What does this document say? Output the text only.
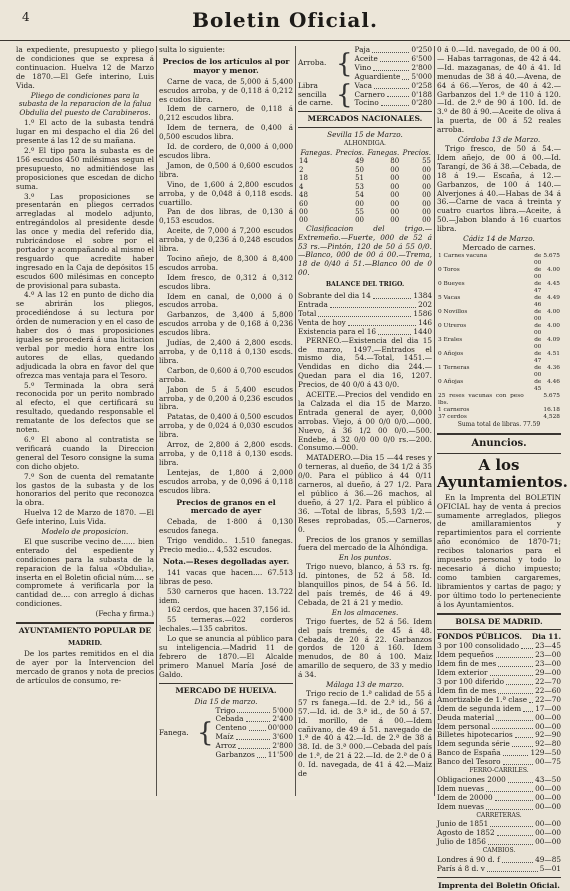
4	Boletin Oficial.

la expediente, presupuesto y pliego de condiciones que se expresa á continuacion. Huelva 12 de Marzo de 1870.—El Gefe interino, Luis Vida.

Pliego de condiciones para la subasta de la reparacion de la falua Obdulia del puesto de Carabineros.

1.º El acto de la subasta tendrá lugar en mi despacho el dia 26 del presente á las 12 de su mañana.

2.º El tipo para la subasta es de 156 escudos 450 milésimas segun el presupuesto, no admitiéndose las proposiciones que escedan de dicho suma.

3.º Las proposiciones se presentarán en pliegos cerrados arregladas al modelo adjunto, entregándolos al presidente desde las once y media del referido dia, rubricándose el sobre por el portador y acompañando al mismo el resguardo que acredite haber ingresado en la Caja de depósitos 15 escudos 600 milésimas en concepto de provisional para subasta.

4.º A las 12 en punto de dicho dia se abrirán los pliegos, procediéndose á su lectura por órden de numeracion y en el caso de haber dos ó mas proposiciones iguales se procederá á una licitacion verbal por medio hora entre los autores de ellas, quedando adjudicada la obra en favor del que ofrezca mas ventaja para el Tesoro.

5.º Terminada la obra será reconocida por un perito nombrado al efecto, el que certificará su resultado, quedando responsable el rematante de los defectos que se noten.

6.º El abono al contratista se verificará cuando la Direccion general del Tesoro consigne la suma con dicho objeto.

7.º Son de cuenta del rematante los gastos de la subasta y de los honorarios del perito que reconozca la obra.

Huelva 12 de Marzo de 1870. —El Gefe interino, Luis Vida.

Modelo de proposicion.

El que suscribe vecino de...... bien enterado del espediente y condiciones para la subasta de la reparacion de la falua «Obdulia», inserta en el Boletin oficial núm.... se compromete á verificarla por la cantidad de.... con arreglo á dichas condiciones.

(Fecha y firma.)

AYUNTAMIENTO POPULAR DE
MADRID.

De los partes remitidos en el dia de ayer por la Intervencion del mercado de granos y nota de precios de artículos de consumo, re-

sulta lo siguiente:

Precios de los artículos al por mayor y menor.

Carne de vaca, de 5,000 á 5,400 escudos arroba, y de 0,118 á 0,212 es cudos libra.

Idem de carnero, de 0,118 á 0,212 escudos libra.

Idem de ternera, de 0,400 á 0,500 escudos libra.

Id. de cordero, de 0,000 á 0,000 escudos libra.

Jamon, de 0,500 á 0,600 escudos libra.

Vino, de 1,600 á 2,800 escudos arroba, y de 0,048 á 0,118 escds. cuartillo.

Pan de dos libras, de 0,130 á 0,153 escudos.

Aceite, de 7,000 á 7,200 escudos arroba, y de 0,236 á 0,248 escudos libra.

Tocino añejo, de 8,300 á 8,400 escudos arroba.

Idem fresco, de 0,312 á 0,312 escudos libra.

Idem en canal, de 0,000 á 0 escudos arroba.

Garbanzos, de 3,400 á 5,800 escudos arroba y de 0,168 á 0,236 escudos libra.

Judías, de 2,400 á 2,800 escds. arroba, y de 0,118 á 0,130 escds. libra.

Carbon, de 0,600 á 0,700 escudos arroba.

Jabon de 5 á 5,400 escudos arroba, y de 0,200 á 0,236 escudos libra.

Patatas, de 0,400 á 0,500 escudos arroba, y de 0,024 á 0,030 escudos libra.

Arroz, de 2,800 á 2,800 escds. arroba, y de 0,118 á 0,130 escds. libra.

Lentejas, de 1,800 á 2,000 escudos arroba, y de 0,096 á 0,118 escudos libra.

Precios de granos en el mercado de ayer

Cebada, de 1·800 á 0,130 escudos fanega.

Trigo vendido.. 1.510 fanegas. Precio medio... 4,532 escudos.

Nota.—Reses degolladas ayer.

141 vacas que hacen.... 67.513 libras de peso.

530 carneros que hacen. 13.722 idem.

162 cerdos, que hacen 37,156 id.

55 terneras.—022 corderos lechales.—135 cabritos.

Lo que se anuncia al público para su inteligencia.—Madrid 11 de febrero de 1870.—El Alcalde primero Manuel María José de Galdo.

MERCADO DE HUELVA.
Dia 15 de marzo.
Fanega. {
Trigo	5'000
Cebada	2'400
Centeno	00'000
Maíz	3'600
Arroz	2'800
Garbanzos 11'500
Arroba. { Paja	0'250
Aceite	6'500
Vino	2'800
Aguardiente 5'000
Libra sencilla de carne. { Vaca	0'258
Carnero	0'188
Tocino	0'280
MERCADOS NACIONALES.
Sevilla 15 de Marzo.
ALHONDIGA.
Fanegas.	Precios.	Fanegas.	Precios.
14	49	80	55
2	50	00	00
18	51	00	00
4	53	00	00
48	54	00	00
60	00	00	00
00	55	00	00
00	00	00	00

Clasificacion del trigo.—Extremeño.—Fuerte, 000 de 52 á 53 rs.—Pintón, 120 de 50 á 55 0/0.—Blanco, 000 de 00 á 00.—Trema, 18 de 0/40 á 51.—Blanco 00 de 0 00.

BALANCE DEL TRIGO.
Sobrante del dia 14	1384
Entrada	202
Total	1586
Venta de hoy	146
Existencia para el 16	1440

PERNEO.—Existencia del dia 15 de marzo, 1497.—Entrados el mismo dia, 54.—Total, 1451.—Vendidas en dicho dia 244.—Quedan para el dia 16, 1207. Precios, de 40 0/0 á 43 0/0.

ACEITE.—Precios del vendido en la Calzada el dia 15 de Marzo. Entrada general de ayer, 0,000 arrobas. Viejo, á 00 0/0 0/0.—000. Nuevo, á 36 1/2 00 0/0.—500. Endebe, á 32 0/0 00 0/0 rs.—200. Consumo.—000.

MATADERO.—Dia 15 —44 reses y 0 terneras, al dueño, de 34 1/2 á 35 0/0. Para el público á 44 0/11 carneros, al dueño, á 27 1/2. Para el público á 36.—26 machos, al dueño, á 27 1/2. Para el público á 36. —Total de libras, 5,593 1/2.—Reses reprobadas, 05.—Carneros, 0.

Precios de los granos y semillas fuera del mercado de la Alhóndiga.

En los puntos.

Trigo nuevo, blanco, á 53 rs. fg. Id. pintones, de 52 á 58. Id. blanquillos pinos, de 54 á 56. Id. del país tremés, de 46 á 49. Cebada, de 21 á 21 y medio.

En los almacenes.

Trigo fuertes, de 52 á 56. Idem del país tremés, de 45 á 48. Cebada, de 20 á 22. Garbanzos gordos de 120 á 160. Idem menudos, de 80 á 100. Maiz amarillo de sequero, de 33 y medio á 34.

Málaga 13 de marzo.

Trigo recio de 1.ª calidad de 55 á 57 rs fanega.—Id. de 2.ª id., 56 á 57.—Id. id. de 3.ª id., de 50 á 57. Id. morillo, de á 00.—Idem cañivano, de 49 á 51. navegado de 1.ª de 40 á 42.—Id. de 2.ª de 38 á 38. Id. de 3.ª 000.—Cebada del país de 1.ª, de 21 á 22.—Id. de 2.ª de 0 á 0. Id. navegada, de 41 á 42.—Maiz de

0 á 0.—Id. navegado, de 00 á 00.— Habas tarragonas, de 42 á 44.—Id. mazaganas, de 40 á 41. Id menudas de 38 á 40.—Avena, de 64 á 66.—Yeros, de 40 á 42.—Garbanzos del 1.º de 110 á 120.—Id. de 2.º de 90 á 100. Id. de 3.º de 80 á 90.—Aceite de oliva á la puerta, de 00 á 52 reales arroba.

Córdoba 13 de Marzo.

Trigo fresco, de 50 á 54.—Idem añejo, de 00 á 00.—Id. Tarangí, de 36 á 38.—Cebada, de 18 á 19.— Escaña, á 12.—Garbanzos, de 100 á 140.—Alverjones á 40.—Habas de 34 á 36.—Carne de vaca á treinta y cuatro cuartos libra.—Aceite, á 50.—Jabon blando á 16 cuartos libra.

Cádiz 14 de Marzo.
Mercado de carnes.
1 Carnes vacuna	de 00	5.675
0 Toros	de 00	4.00
0 Bueyes	de 47	4.45
5 Vacas	de 46	4.49
0 Novillos	de 00	4.00
0 Utreros	de 00	4.00
3 Erales	de 00	4.09
0 Añojos	de 47	4.51
1 Terneras	de 00	4.36
0 Añojas	de 45	4.46
25 reses vacunas con peso lbs.		5.675
1 carneros		16.18
37 cerdos		4,528
Suma total de libras. 77.59
Anuncios.
A los Ayuntamientos.

En la Imprenta del BOLETIN OFICIAL hay de venta á precios sumamente arreglados, pliegos de amillaramientos y repartimientos para el corriente año económico de 1870-71; recibos talonarios para el impuesto personal y todo lo necesario á dicho impuesto; como tambien cargaremes, libramientos y cartas de pago; y por último todo lo perteneciente á los Ayuntamientos.

BOLSA DE MADRID.
FONDOS PÚBLICOS. Dia 11.
3 por 100 consolidado 23—45
Idem pequeños	23—00
Idem fin de mes	23—00
Idem exterior	29—00
3 por 100 diferido	22—70
Idem fin de mes	22—60
Amortizable de 1.ª clase 22—70
Idem de segunda idem 17—00
Deuda material	00—00
Idem personal	00—00
Billetes hipotecarios	92—90
Idem segunda série	92—80
Banco de España	129—50
Banco del Tesoro	00—75
FERRO-CARRILES.
Obligaciones 2000	43—50
Idem nuevas	00—00
Idem de 20000	00—00
Idem nuevas	00—00
CARRETERAS.
Junio de 1851	00—00
Agosto de 1852	00—00
Julio de 1856	00—00
CAMBIOS.
Londres á 90 d. f	49—85
París á 8 d. v	5—01
Imprenta del Boletin Oficial.
